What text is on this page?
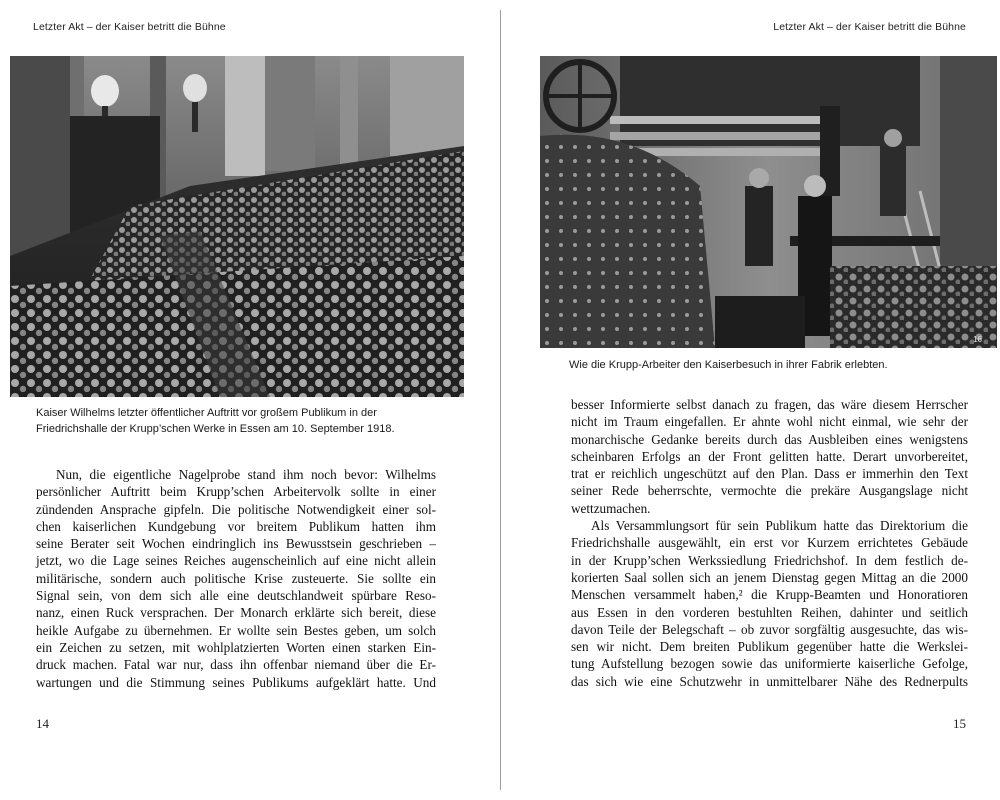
Letzter Akt – der Kaiser betritt die Bühne
Kaiser Wilhelms letzter öffentlicher Auftritt vor großem Publikum in der
Friedrichshalle der Krupp’schen Werke in Essen am 10. September 1918.
Nun, die eigentliche Nagelprobe stand ihm noch bevor: Wilhelms
persönlicher Auftritt beim Krupp’schen Arbeitervolk sollte in einer
zündenden Ansprache gipfeln. Die politische Notwendigkeit einer sol-
chen kaiserlichen Kundgebung vor breitem Publikum hatten ihm
seine Berater seit Wochen eindringlich ins Bewusstsein geschrieben –
jetzt, wo die Lage seines Reiches augenscheinlich auf eine nicht allein
militärische, sondern auch politische Krise zusteuerte. Sie sollte ein
Signal sein, von dem sich alle eine deutschlandweit spürbare Reso-
nanz, einen Ruck versprachen. Der Monarch erklärte sich bereit, diese
heikle Aufgabe zu übernehmen. Er wollte sein Bestes geben, um solch
ein Zeichen zu setzen, mit wohlplatzierten Worten einen starken Ein-
druck machen. Fatal war nur, dass ihn offenbar niemand über die Er-
wartungen und die Stimmung seines Publikums aufgeklärt hatte. Und
14
Letzter Akt – der Kaiser betritt die Bühne
16
Wie die Krupp-Arbeiter den Kaiserbesuch in ihrer Fabrik erlebten.
besser Informierte selbst danach zu fragen, das wäre diesem Herrscher
nicht im Traum eingefallen. Er ahnte wohl nicht einmal, wie sehr der
monarchische Gedanke bereits durch das Ausbleiben eines wenigstens
scheinbaren Erfolgs an der Front gelitten hatte. Derart unvorbereitet,
trat er reichlich ungeschützt auf den Plan. Dass er immerhin den Text
seiner Rede beherrschte, vermochte die prekäre Ausgangslage nicht
wettzumachen.
Als Versammlungsort für sein Publikum hatte das Direktorium die
Friedrichshalle ausgewählt, ein erst vor Kurzem errichtetes Gebäude
in der Krupp’schen Werkssiedlung Friedrichshof. In dem festlich de-
korierten Saal sollen sich an jenem Dienstag gegen Mittag an die 2000
Menschen versammelt haben,² die Krupp-Beamten und Honoratioren
aus Essen in den vorderen bestuhlten Reihen, dahinter und seitlich
davon Teile der Belegschaft – ob zuvor sorgfältig ausgesuchte, das wis-
sen wir nicht. Dem breiten Publikum gegenüber hatte die Werkslei-
tung Aufstellung bezogen sowie das uniformierte kaiserliche Gefolge,
das sich wie eine Schutzwehr in unmittelbarer Nähe des Rednerpults
15
